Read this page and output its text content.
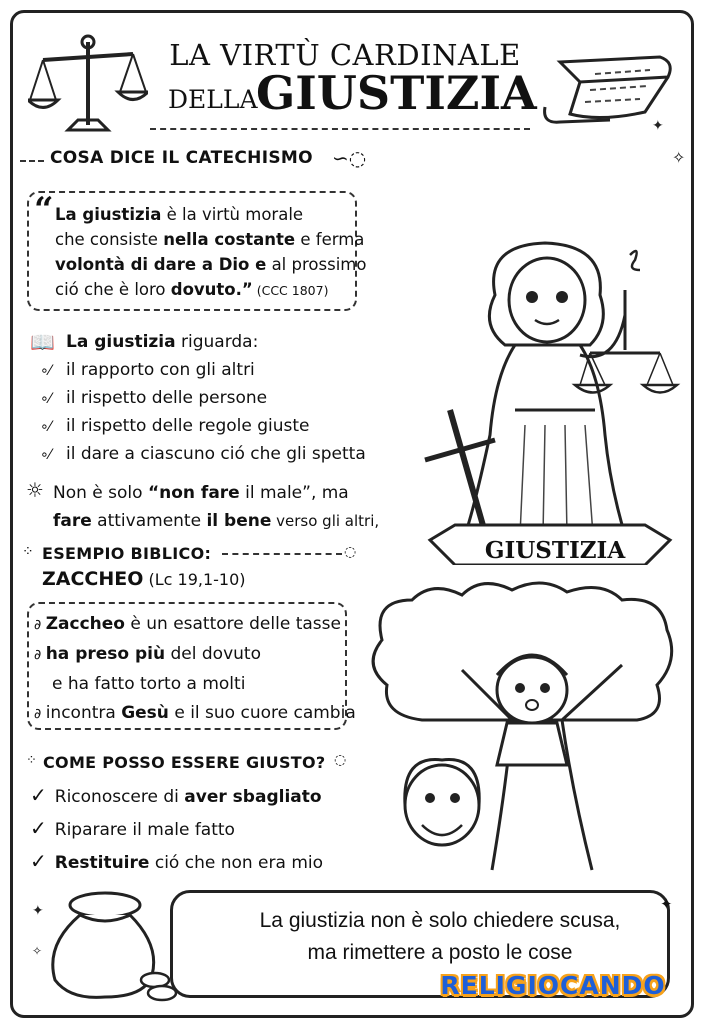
LA VIRTÙ CARDINALE
DELLA
GIUSTIZIA
✦
✧
COSA DICE IL CATECHISMO ∽◌
“ La giustizia è la virtù morale
che consiste nella costante e ferma
volontà di dare a Dio e al prossimo
ció che è loro dovuto.” (CCC 1807)
📖 La giustizia riguarda:
∘⁄ il rapporto con gli altri
∘⁄ il rispetto delle persone
∘⁄ il rispetto delle regole giuste
∘⁄ il dare a ciascuno ció che gli spetta
☼ Non è solo “non fare il male”, ma
fare attivamente il bene verso gli altri,
⁘ ESEMPIO BIBLICO:	◌
ZACCHEO (Lc 19,1-10)
∂ Zaccheo è un esattore delle tasse
∂ ha preso più del dovuto
e ha fatto torto a molti
∂ incontra Gesù e il suo cuore cambia
⁘ COME POSSO ESSERE GIUSTO? ◌
✓ Riconoscere di aver sbagliato
✓ Riparare il male fatto
✓ Restituire ció che non era mio
GIUSTIZIA
✦
✧
La giustizia non è solo chiedere scusa,
ma rimettere a posto le cose
✦
RELIGIOCANDO
